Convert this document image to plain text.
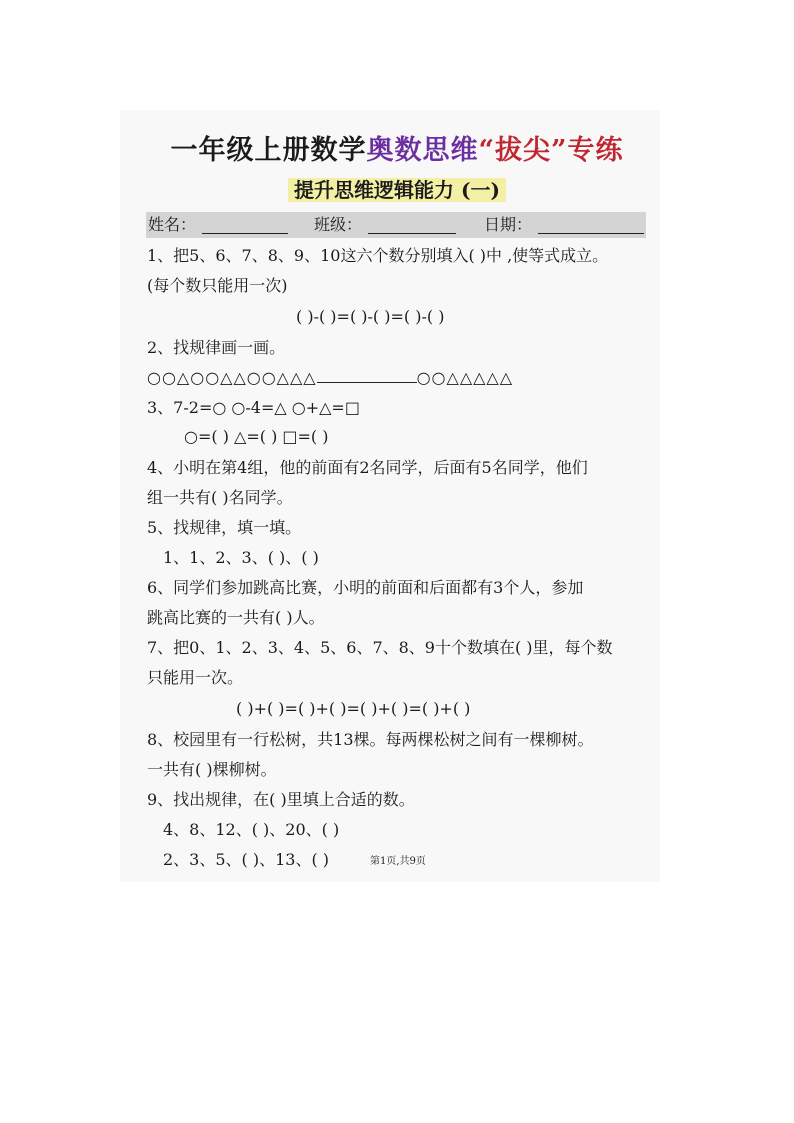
一年级上册数学奥数思维“拔尖”专练
提升思维逻辑能力 (一)
姓名：	班级：	日期：
1、把5、6、7、8、9、10这六个数分别填入( )中 ,使等式成立。
(每个数只能用一次)
( )-( )=( )-( )=( )-( )
2、找规律画一画。
○○△○○△△○○△△△	○○△△△△△
3、7-2=○ ○-4=△ ○+△=□
○=( ) △=( ) □=( )
4、小明在第4组，他的前面有2名同学，后面有5名同学，他们
组一共有( )名同学。
5、找规律，填一填。
1、1、2、3、( )、( )
6、同学们参加跳高比赛，小明的前面和后面都有3个人，参加
跳高比赛的一共有( )人。
7、把0、1、2、3、4、5、6、7、8、9十个数填在( )里，每个数
只能用一次。
( )+( )=( )+( )=( )+( )=( )+( )
8、校园里有一行松树，共13棵。每两棵松树之间有一棵柳树。
一共有( )棵柳树。
9、找出规律，在( )里填上合适的数。
4、8、12、( )、20、( )
2、3、5、( )、13、( )	第1页,共9页
